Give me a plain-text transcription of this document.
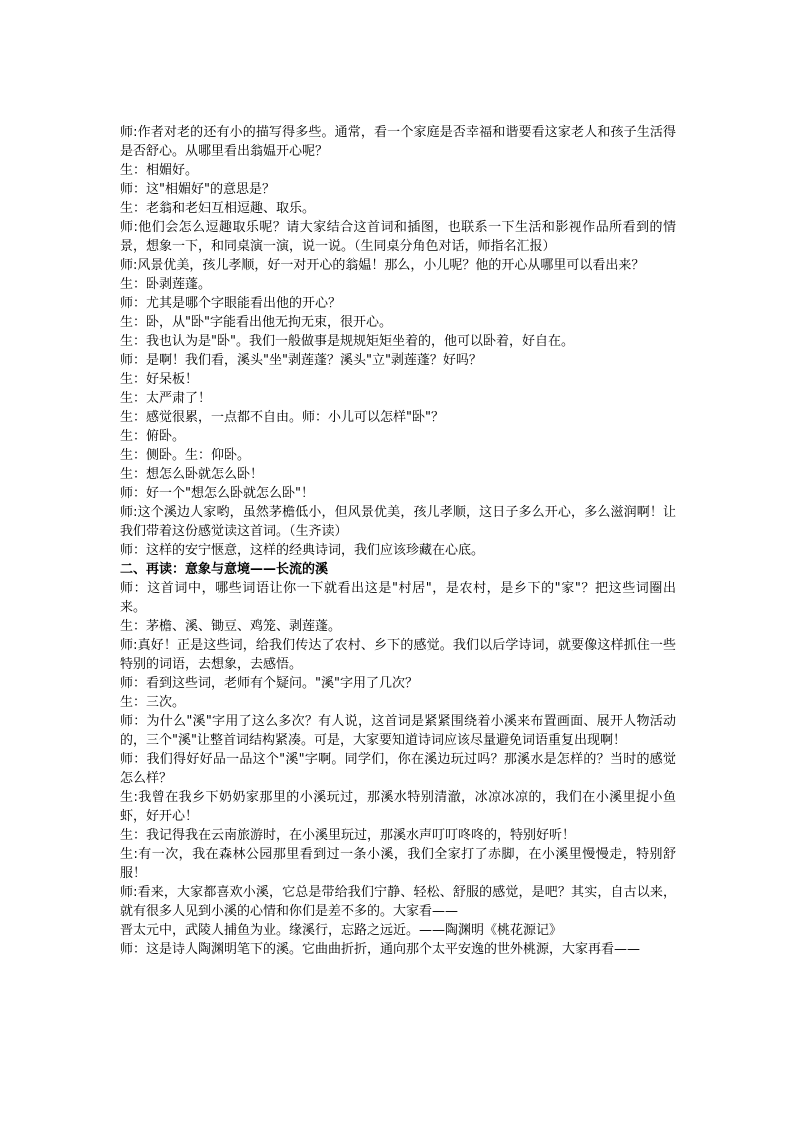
师:作者对老的还有小的描写得多些。通常，看一个家庭是否幸福和谐要看这家老人和孩子生活得是否舒心。从哪里看出翁媪开心呢？

生：相媚好。

师：这"相媚好"的意思是？

生：老翁和老妇互相逗趣、取乐。

师:他们会怎么逗趣取乐呢？请大家结合这首词和插图，也联系一下生活和影视作品所看到的情景，想象一下，和同桌演一演，说一说。（生同桌分角色对话，师指名汇报）

师:风景优美，孩儿孝顺，好一对开心的翁媪！那么，小儿呢？他的开心从哪里可以看出来？

生：卧剥莲蓬。

师：尤其是哪个字眼能看出他的开心？

生：卧，从"卧"字能看出他无拘无束，很开心。

生：我也认为是"卧"。我们一般做事是规规矩矩坐着的，他可以卧着，好自在。

师：是啊！我们看，溪头"坐"剥莲蓬？溪头"立"剥莲蓬？好吗？

生：好呆板！

生：太严肃了！

生：感觉很累，一点都不自由。师：小儿可以怎样"卧"？

生：俯卧。

生：侧卧。生：仰卧。

生：想怎么卧就怎么卧！

师：好一个"想怎么卧就怎么卧"！

师:这个溪边人家哟，虽然茅檐低小，但风景优美，孩儿孝顺，这日子多么开心，多么滋润啊！让我们带着这份感觉读这首词。（生齐读）

师：这样的安宁惬意，这样的经典诗词，我们应该珍藏在心底。

二、再读：意象与意境——长流的溪

师：这首词中，哪些词语让你一下就看出这是"村居"，是农村，是乡下的"家"？把这些词圈出来。

生：茅檐、溪、锄豆、鸡笼、剥莲蓬。

师:真好！正是这些词，给我们传达了农村、乡下的感觉。我们以后学诗词，就要像这样抓住一些特别的词语，去想象，去感悟。

师：看到这些词，老师有个疑问。"溪"字用了几次？

生：三次。

师：为什么"溪"字用了这么多次？有人说，这首词是紧紧围绕着小溪来布置画面、展开人物活动的，三个"溪"让整首词结构紧凑。可是，大家要知道诗词应该尽量避免词语重复出现啊！

师：我们得好好品一品这个"溪"字啊。同学们，你在溪边玩过吗？那溪水是怎样的？当时的感觉怎么样？

生:我曾在我乡下奶奶家那里的小溪玩过，那溪水特别清澈，冰凉冰凉的，我们在小溪里捉小鱼虾，好开心！

生：我记得我在云南旅游时，在小溪里玩过，那溪水声叮叮咚咚的，特别好听！

生:有一次，我在森林公园那里看到过一条小溪，我们全家打了赤脚，在小溪里慢慢走，特别舒服！

师:看来，大家都喜欢小溪，它总是带给我们宁静、轻松、舒服的感觉，是吧？其实，自古以来，就有很多人见到小溪的心情和你们是差不多的。大家看——

晋太元中，武陵人捕鱼为业。缘溪行，忘路之远近。——陶渊明《桃花源记》

师：这是诗人陶渊明笔下的溪。它曲曲折折，通向那个太平安逸的世外桃源，大家再看——
